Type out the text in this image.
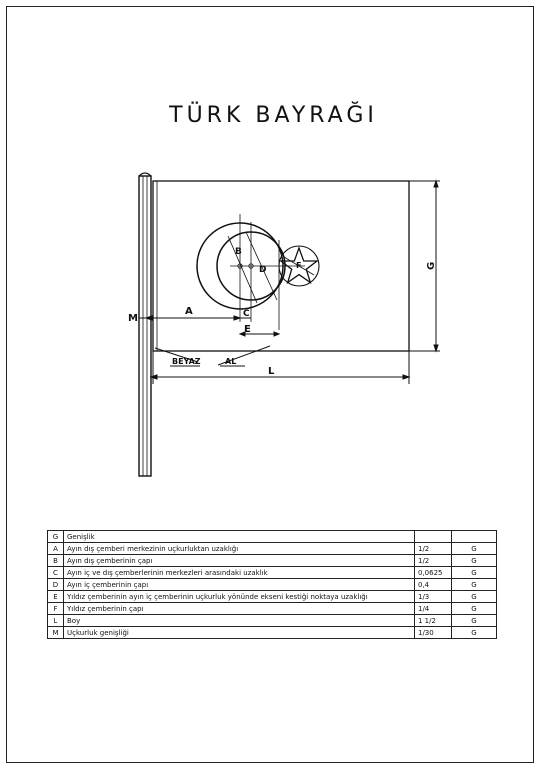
TÜRK BAYRAĞI
M
A	C
E
B
D	F	G
L
BEYAZ	AL
G	Genişlik		
A	Ayın dış çemberi merkezinin uçkurluktan uzaklığı	1/2	G
B	Ayın dış çemberinin çapı	1/2	G
C	Ayın iç ve dış çemberlerinin merkezleri arasındaki uzaklık	0,0625	G
D	Ayın iç çemberinin çapı	0,4	G
E	Yıldız çemberinin ayın iç çemberinin uçkurluk yönünde ekseni kestiği noktaya uzaklığı	1/3	G
F	Yıldız çemberinin çapı	1/4	G
L	Boy	1 1/2	G
M	Uçkurluk genişliği	1/30	G
